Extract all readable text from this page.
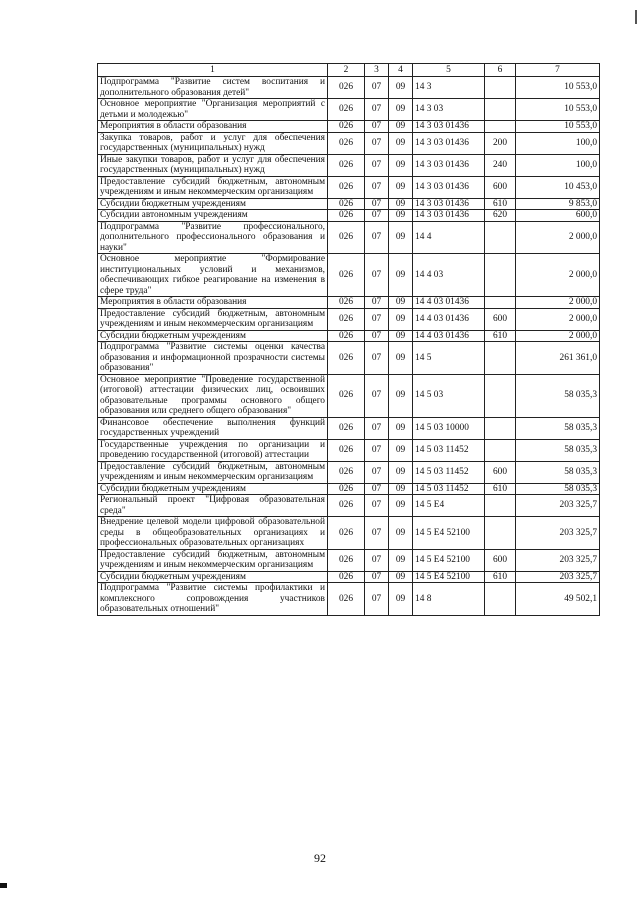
1	2	3	4	5	6	7
Подпрограмма "Развитие систем воспитания и дополнительного образования детей"	026	07	09	14 3		10 553,0
Основное мероприятие "Организация мероприятий с детьми и молодежью"	026	07	09	14 3 03		10 553,0
Мероприятия в области образования	026	07	09	14 3 03 01436		10 553,0
Закупка товаров, работ и услуг для обеспечения государственных (муниципальных) нужд	026	07	09	14 3 03 01436	200	100,0
Иные закупки товаров, работ и услуг для обеспечения государственных (муниципальных) нужд	026	07	09	14 3 03 01436	240	100,0
Предоставление субсидий бюджетным, автономным учреждениям и иным некоммерческим организациям	026	07	09	14 3 03 01436	600	10 453,0
Субсидии бюджетным учреждениям	026	07	09	14 3 03 01436	610	9 853,0
Субсидии автономным учреждениям	026	07	09	14 3 03 01436	620	600,0
Подпрограмма "Развитие профессионального, дополнительного профессионального образования и науки"	026	07	09	14 4		2 000,0
Основное мероприятие "Формирование институциональных условий и механизмов, обеспечивающих гибкое реагирование на изменения в сфере труда"	026	07	09	14 4 03		2 000,0
Мероприятия в области образования	026	07	09	14 4 03 01436		2 000,0
Предоставление субсидий бюджетным, автономным учреждениям и иным некоммерческим организациям	026	07	09	14 4 03 01436	600	2 000,0
Субсидии бюджетным учреждениям	026	07	09	14 4 03 01436	610	2 000,0
Подпрограмма "Развитие системы оценки качества образования и информационной прозрачности системы образования"	026	07	09	14 5		261 361,0
Основное мероприятие "Проведение государственной (итоговой) аттестации физических лиц, освоивших образовательные программы основного общего образования или среднего общего образования"	026	07	09	14 5 03		58 035,3
Финансовое обеспечение выполнения функций государственных учреждений	026	07	09	14 5 03 10000		58 035,3
Государственные учреждения по организации и проведению государственной (итоговой) аттестации	026	07	09	14 5 03 11452		58 035,3
Предоставление субсидий бюджетным, автономным учреждениям и иным некоммерческим организациям	026	07	09	14 5 03 11452	600	58 035,3
Субсидии бюджетным учреждениям	026	07	09	14 5 03 11452	610	58 035,3
Региональный проект "Цифровая образовательная среда"	026	07	09	14 5 E4		203 325,7
Внедрение целевой модели цифровой образовательной среды в общеобразовательных организациях и профессиональных образовательных организациях	026	07	09	14 5 E4 52100		203 325,7
Предоставление субсидий бюджетным, автономным учреждениям и иным некоммерческим организациям	026	07	09	14 5 E4 52100	600	203 325,7
Субсидии бюджетным учреждениям	026	07	09	14 5 E4 52100	610	203 325,7
Подпрограмма "Развитие системы профилактики и комплексного сопровождения участников образовательных отношений"	026	07	09	14 8		49 502,1
92
